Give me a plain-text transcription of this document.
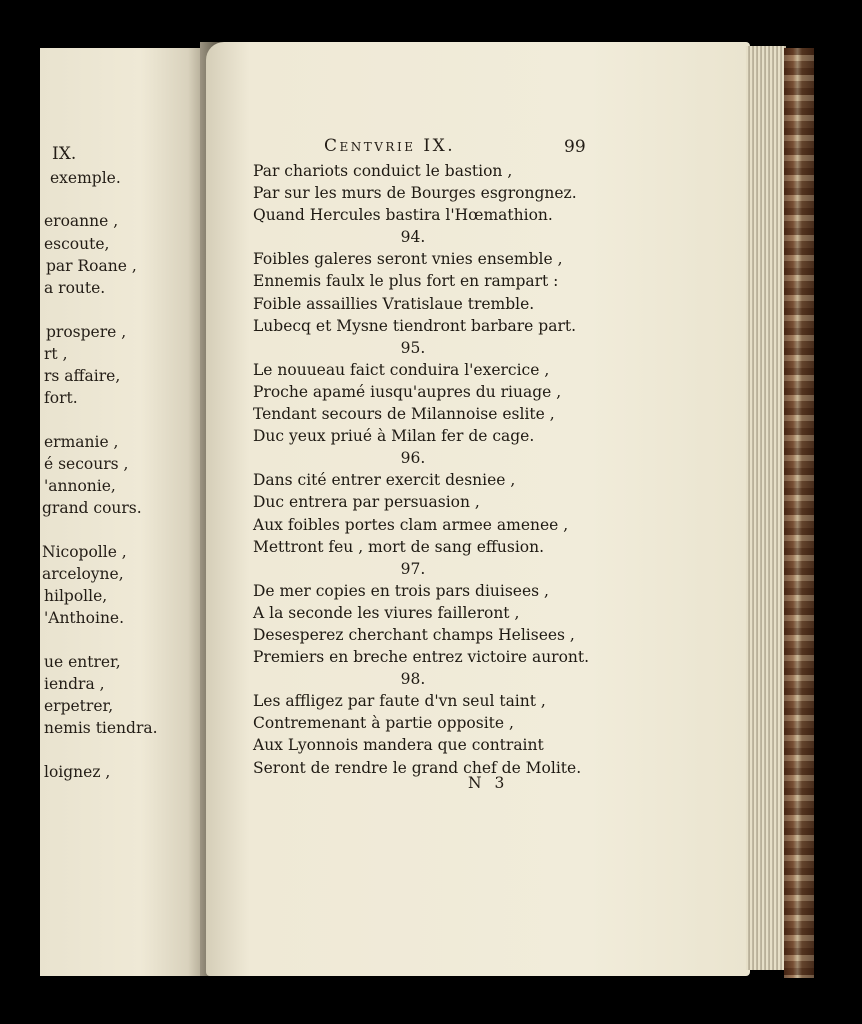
IX.
exemple.
eroanne ,
escoute,
par Roane ,
a route.
prospere ,
rt ,
rs affaire,
fort.
ermanie ,
é secours ,
'annonie,
grand cours.
Nicopolle ,
arceloyne,
hilpolle,
'Anthoine.
ue entrer,
iendra ,
erpetrer,
nemis tiendra.
loignez ,
Centvrie IX.	99
Par chariots conduict le bastion ,
Par sur les murs de Bourges esgrongnez.
Quand Hercules bastira l'Hœmathion.
94.
Foibles galeres seront vnies ensemble ,
Ennemis faulx le plus fort en rampart :
Foible assaillies Vratislaue tremble.
Lubecq et Mysne tiendront barbare part.
95.
Le nouueau faict conduira l'exercice ,
Proche apamé iusqu'aupres du riuage ,
Tendant secours de Milannoise eslite ,
Duc yeux priué à Milan fer de cage.
96.
Dans cité entrer exercit desniee ,
Duc entrera par persuasion ,
Aux foibles portes clam armee amenee ,
Mettront feu , mort de sang effusion.
97.
De mer copies en trois pars diuisees ,
A la seconde les viures failleront ,
Desesperez cherchant champs Helisees ,
Premiers en breche entrez victoire auront.
98.
Les affligez par faute d'vn seul taint ,
Contremenant à partie opposite ,
Aux Lyonnois mandera que contraint
Seront de rendre le grand chef de Molite.
N 3
